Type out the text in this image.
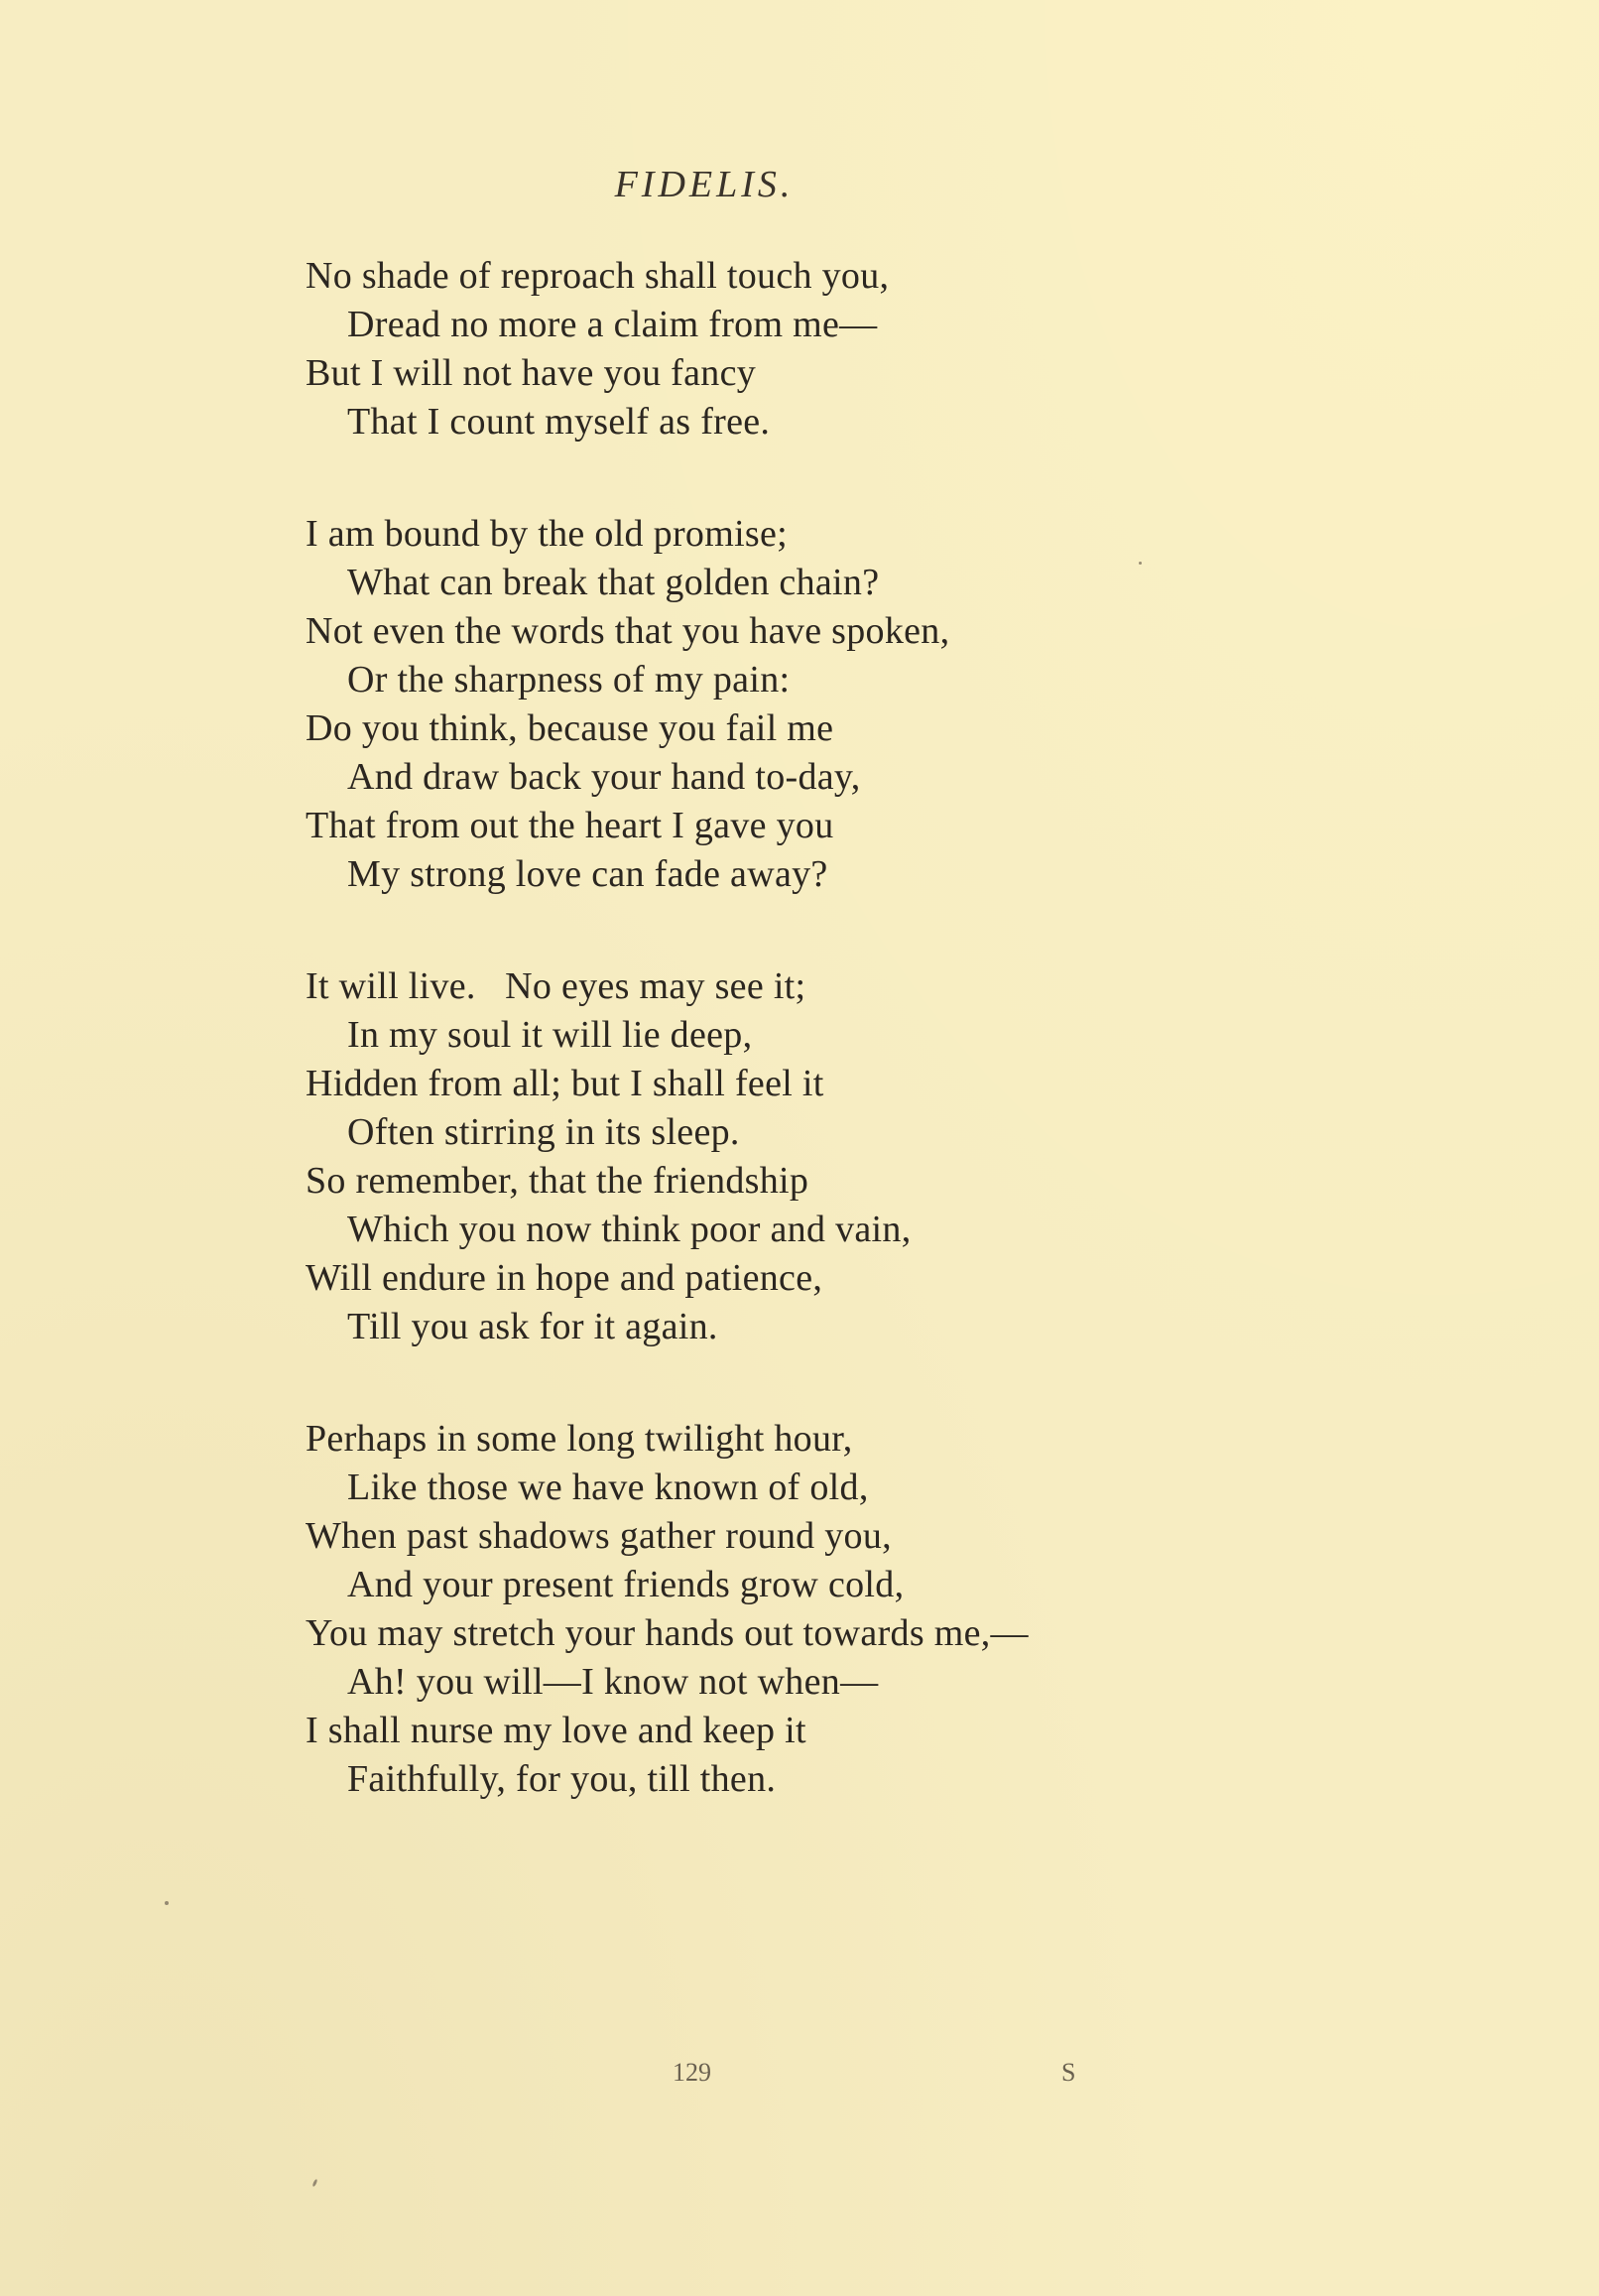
FIDELIS.
No shade of reproach shall touch you,
Dread no more a claim from me—
But I will not have you fancy
That I count myself as free.
I am bound by the old promise;
What can break that golden chain?
Not even the words that you have spoken,
Or the sharpness of my pain:
Do you think, because you fail me
And draw back your hand to-day,
That from out the heart I gave you
My strong love can fade away?
It will live.   No eyes may see it;
In my soul it will lie deep,
Hidden from all; but I shall feel it
Often stirring in its sleep.
So remember, that the friendship
Which you now think poor and vain,
Will endure in hope and patience,
Till you ask for it again.
Perhaps in some long twilight hour,
Like those we have known of old,
When past shadows gather round you,
And your present friends grow cold,
You may stretch your hands out towards me,—
Ah! you will—I know not when—
I shall nurse my love and keep it
Faithfully, for you, till then.
129	S
